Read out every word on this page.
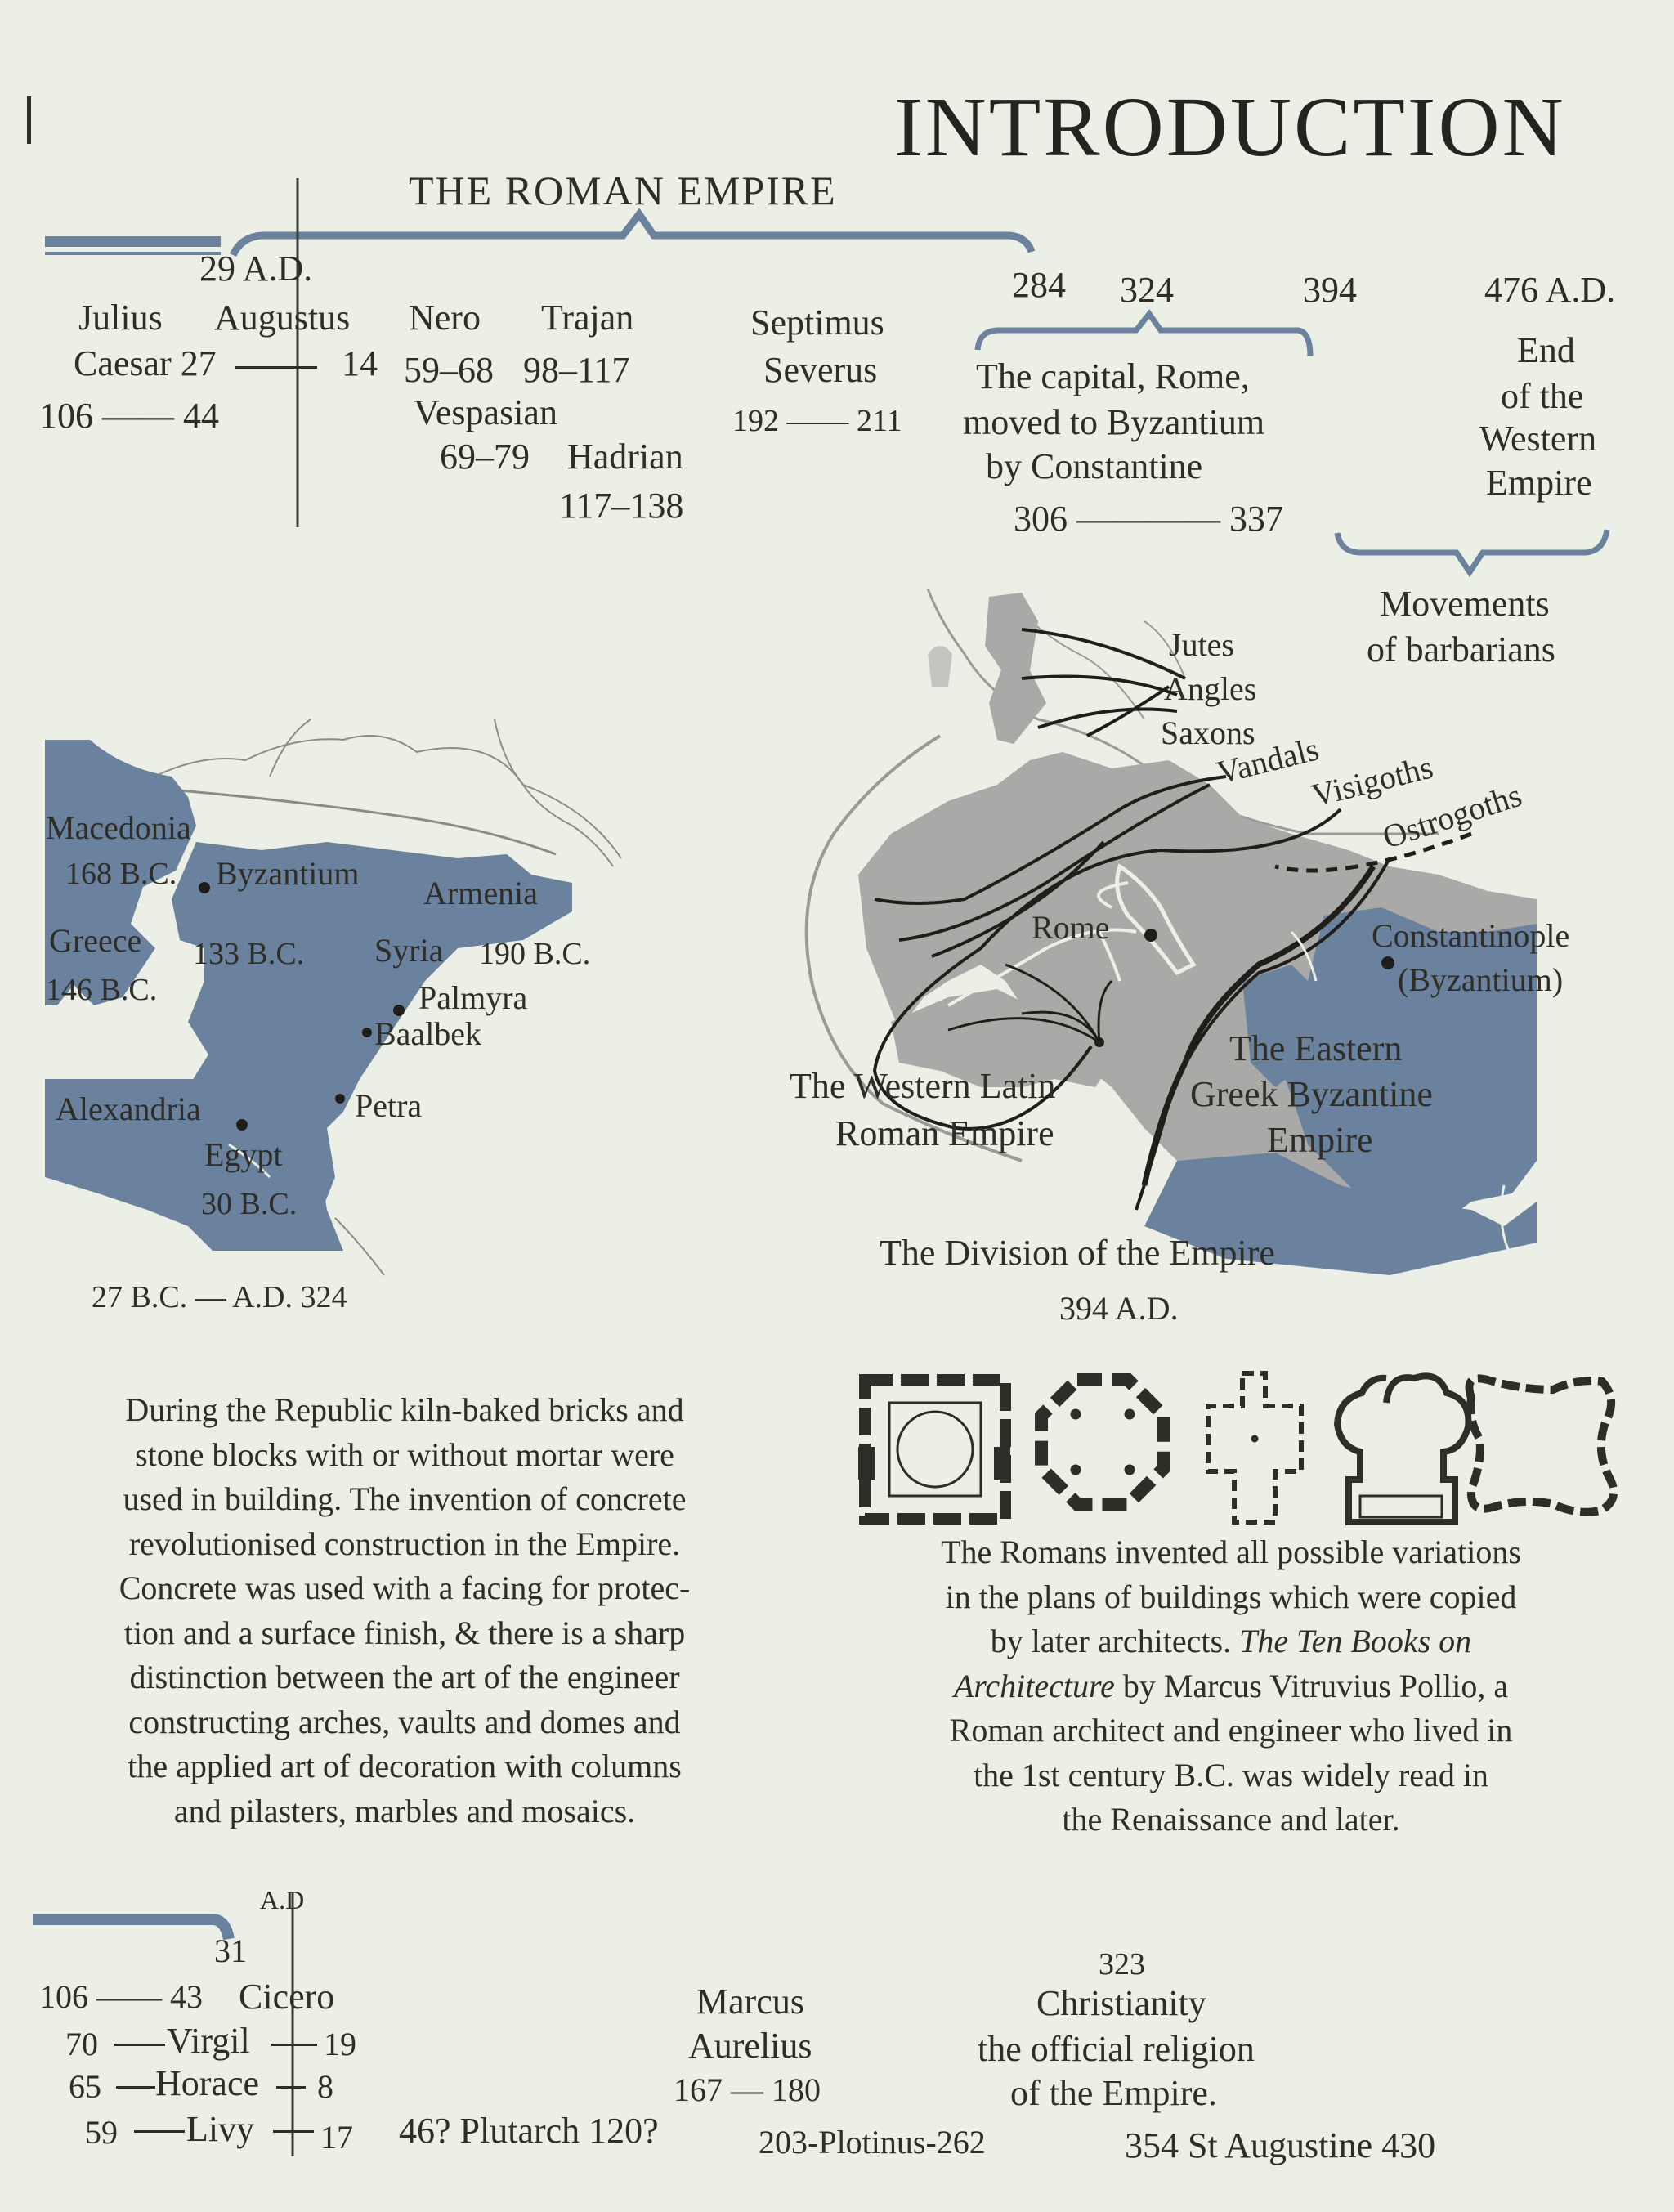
INTRODUCTION
THE ROMAN EMPIRE
29 A.D.
Julius
Caesar 27
106 —— 44
Augustus
14
Nero
59–68
Trajan
98–117
Vespasian
69–79 Hadrian
117–138
Septimus
Severus
192 —— 211
284 324	394	476 A.D.
The capital, Rome,
moved to Byzantium
by Constantine
306 ———— 337
End
of the
Western
Empire
Movements
of barbarians
Macedonia
168 B.C. Byzantium
Armenia
Greece
146 B.C.
133 B.C. Syria 190 B.C.
Palmyra
Baalbek
Alexandria	Petra
Egypt
30 B.C.
27 B.C. — A.D. 324
Jutes
Angles
Saxons
Vandals
Visigoths
Ostrogoths
Rome	Constantinople
(Byzantium)
The Western Latin
Roman Empire
The Eastern
Greek Byzantine
Empire
The Division of the Empire
394 A.D.
During the Republic kiln-baked bricks and
stone blocks with or without mortar were
used in building. The invention of concrete
revolutionised construction in the Empire.
Concrete was used with a facing for protec-
tion and a surface finish, & there is a sharp
distinction between the art of the engineer
constructing arches, vaults and domes and
the applied art of decoration with columns
and pilasters, marbles and mosaics.
The Romans invented all possible variations
in the plans of buildings which were copied
by later architects. The Ten Books on
Architecture by Marcus Vitruvius Pollio, a
Roman architect and engineer who lived in
the 1st century B.C. was widely read in
the Renaissance and later.
A.D
31
106 —— 43 Cicero
70 Virgil 19
65 Horace 8
59 Livy 17 46? Plutarch 120?
Marcus
Aurelius
167 — 180
203-Plotinus-262
323
Christianity
the official religion
of the Empire.
354 St Augustine 430
